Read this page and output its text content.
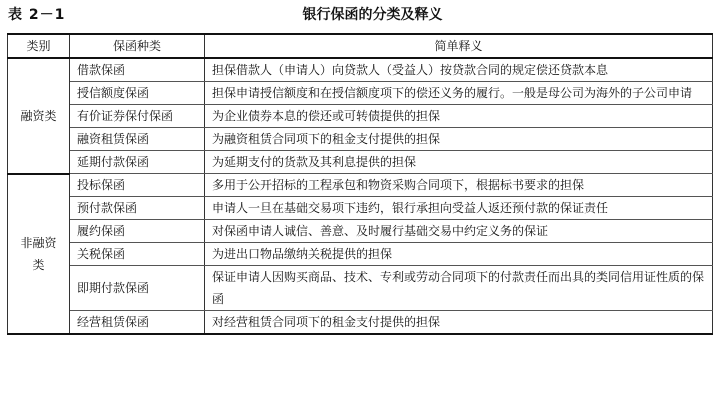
表 2－1	银行保函的分类及释义
类别	保函种类	简单释义
融资类	借款保函	担保借款人（申请人）向贷款人（受益人）按贷款合同的规定偿还贷款本息
	授信额度保函	担保申请授信额度和在授信额度项下的偿还义务的履行。一般是母公司为海外的子公司申请
	有价证券保付保函	为企业债券本息的偿还或可转债提供的担保
	融资租赁保函	为融资租赁合同项下的租金支付提供的担保
	延期付款保函	为延期支付的货款及其利息提供的担保
非融资类	投标保函	多用于公开招标的工程承包和物资采购合同项下，根据标书要求的担保
	预付款保函	申请人一旦在基础交易项下违约，银行承担向受益人返还预付款的保证责任
	履约保函	对保函申请人诚信、善意、及时履行基础交易中约定义务的保证
	关税保函	为进出口物品缴纳关税提供的担保
	即期付款保函	保证申请人因购买商品、技术、专利或劳动合同项下的付款责任而出具的类同信用证性质的保函
	经营租赁保函	对经营租赁合同项下的租金支付提供的担保
